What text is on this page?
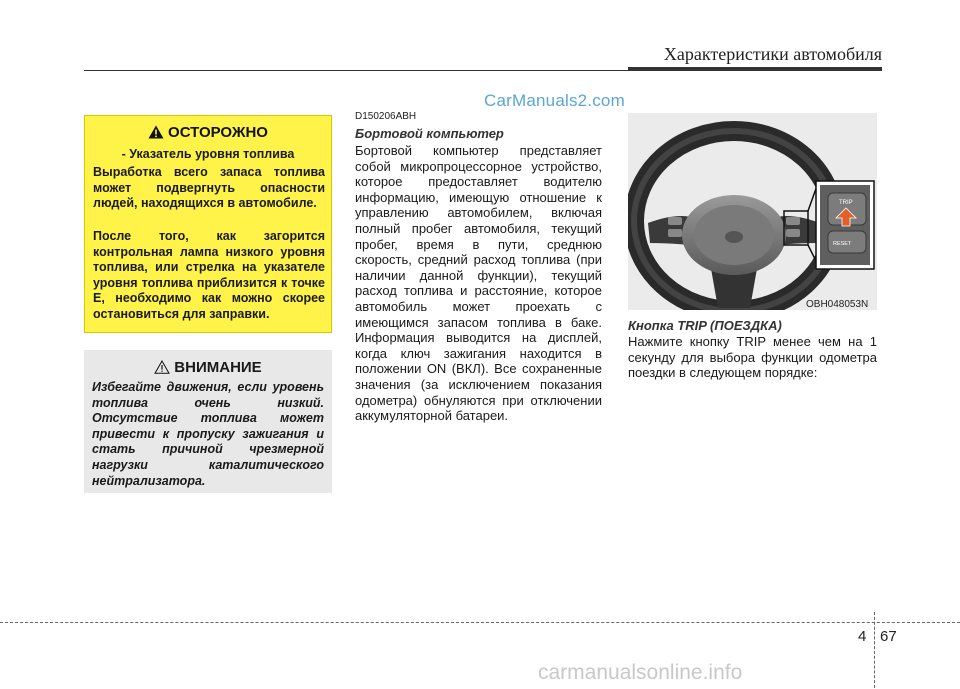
Характеристики автомобиля
CarManuals2.com
ОСТОРОЖНО
- Указатель уровня топлива
Выработка всего запаса топлива может подвергнуть опасности людей, находящихся в автомобиле.
После того, как загорится контрольная лампа низкого уровня топлива, или стрелка на указателе уровня топлива приблизится к точке E, необходимо как можно скорее остановиться для заправки.
ВНИМАНИЕ
Избегайте движения, если уровень топлива очень низкий. Отсутствие топлива может привести к пропуску зажигания и стать причиной чрезмерной нагрузки каталитического нейтрализатора.
D150206ABH
Бортовой компьютер
Бортовой компьютер представляет собой микропроцессорное устройство, которое предоставляет водителю информацию, имеющую отношение к управлению автомобилем, включая полный пробег автомобиля, текущий пробег, время в пути, среднюю скорость, средний расход топлива (при наличии данной функции), текущий расход топлива и расстояние, которое автомобиль может проехать с имеющимся запасом топлива в баке. Информация выводится на дисплей, когда ключ зажигания находится в положении ON (ВКЛ). Все сохраненные значения (за исключением показания одометра) обнуляются при отключении аккумуляторной батареи.
TRIP
RESET
OBH048053N
Кнопка TRIP (ПОЕЗДКА)
Нажмите кнопку TRIP менее чем на 1 секунду для выбора функции одометра поездки в следующем порядке:
4 67
carmanualsonline.info
